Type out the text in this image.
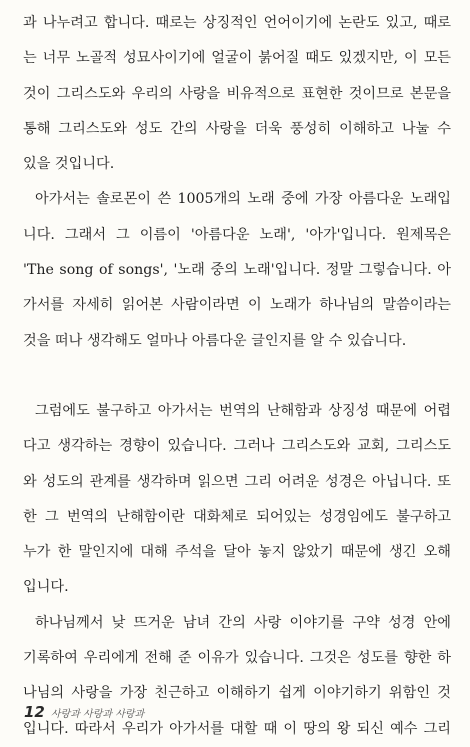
과 나누려고 합니다. 때로는 상징적인 언어이기에 논란도 있고, 때로
는 너무 노골적 성묘사이기에 얼굴이 붉어질 때도 있겠지만, 이 모든
것이 그리스도와 우리의 사랑을 비유적으로 표현한 것이므로 본문을
통해 그리스도와 성도 간의 사랑을 더욱 풍성히 이해하고 나눌 수
있을 것입니다.
아가서는 솔로몬이 쓴 1005개의 노래 중에 가장 아름다운 노래입
니다. 그래서 그 이름이 '아름다운 노래', '아가'입니다. 원제목은
'The song of songs', '노래 중의 노래'입니다. 정말 그렇습니다. 아
가서를 자세히 읽어본 사람이라면 이 노래가 하나님의 말씀이라는
것을 떠나 생각해도 얼마나 아름다운 글인지를 알 수 있습니다.
그럼에도 불구하고 아가서는 번역의 난해함과 상징성 때문에 어렵
다고 생각하는 경향이 있습니다. 그러나 그리스도와 교회, 그리스도
와 성도의 관계를 생각하며 읽으면 그리 어려운 성경은 아닙니다. 또
한 그 번역의 난해함이란 대화체로 되어있는 성경임에도 불구하고
누가 한 말인지에 대해 주석을 달아 놓지 않았기 때문에 생긴 오해
입니다.
하나님께서 낮 뜨거운 남녀 간의 사랑 이야기를 구약 성경 안에
기록하여 우리에게 전해 준 이유가 있습니다. 그것은 성도를 향한 하
나님의 사랑을 가장 친근하고 이해하기 쉽게 이야기하기 위함인 것
입니다. 따라서 우리가 아가서를 대할 때 이 땅의 왕 되신 예수 그리
12 사랑과 사랑과 사랑과
